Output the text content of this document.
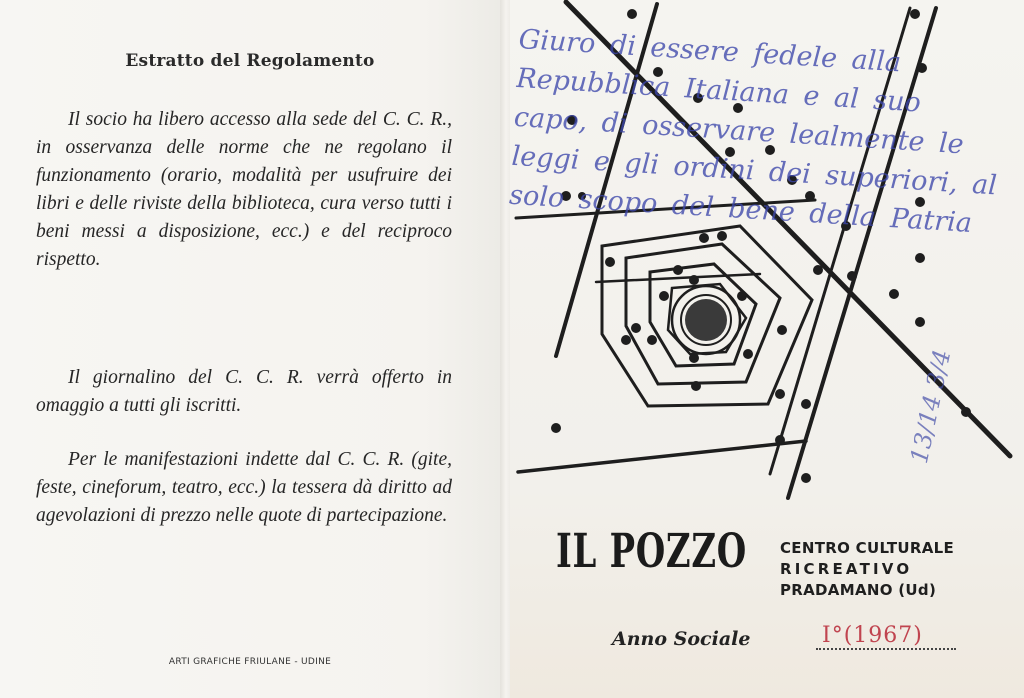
Estratto del Regolamento

Il socio ha libero accesso alla sede del C. C. R., in osservanza delle norme che ne regolano il funzionamento (orario, modalità per usufruire dei libri e delle riviste della biblioteca, cura verso tutti i beni messi a disposizione, ecc.) e del reciproco rispetto.

Il giornalino del C. C. R. verrà offerto in omaggio a tutti gli iscritti.

Per le manifestazioni indette dal C. C. R. (gite, feste, cineforum, teatro, ecc.) la tessera dà diritto ad agevolazioni di prezzo nelle quote di partecipazione.

ARTI GRAFICHE FRIULANE - UDINE
Giuro di essere fedele alla Repubblica Italiana e al suo capo, di osservare lealmente le leggi e gli ordini dei superiori, al solo scopo del bene della Patria
13/14 3/4
IL POZZO CENTRO CULTURALE
RICREATIVO
PRADAMANO (Ud)
Anno Sociale	I°(1967)
